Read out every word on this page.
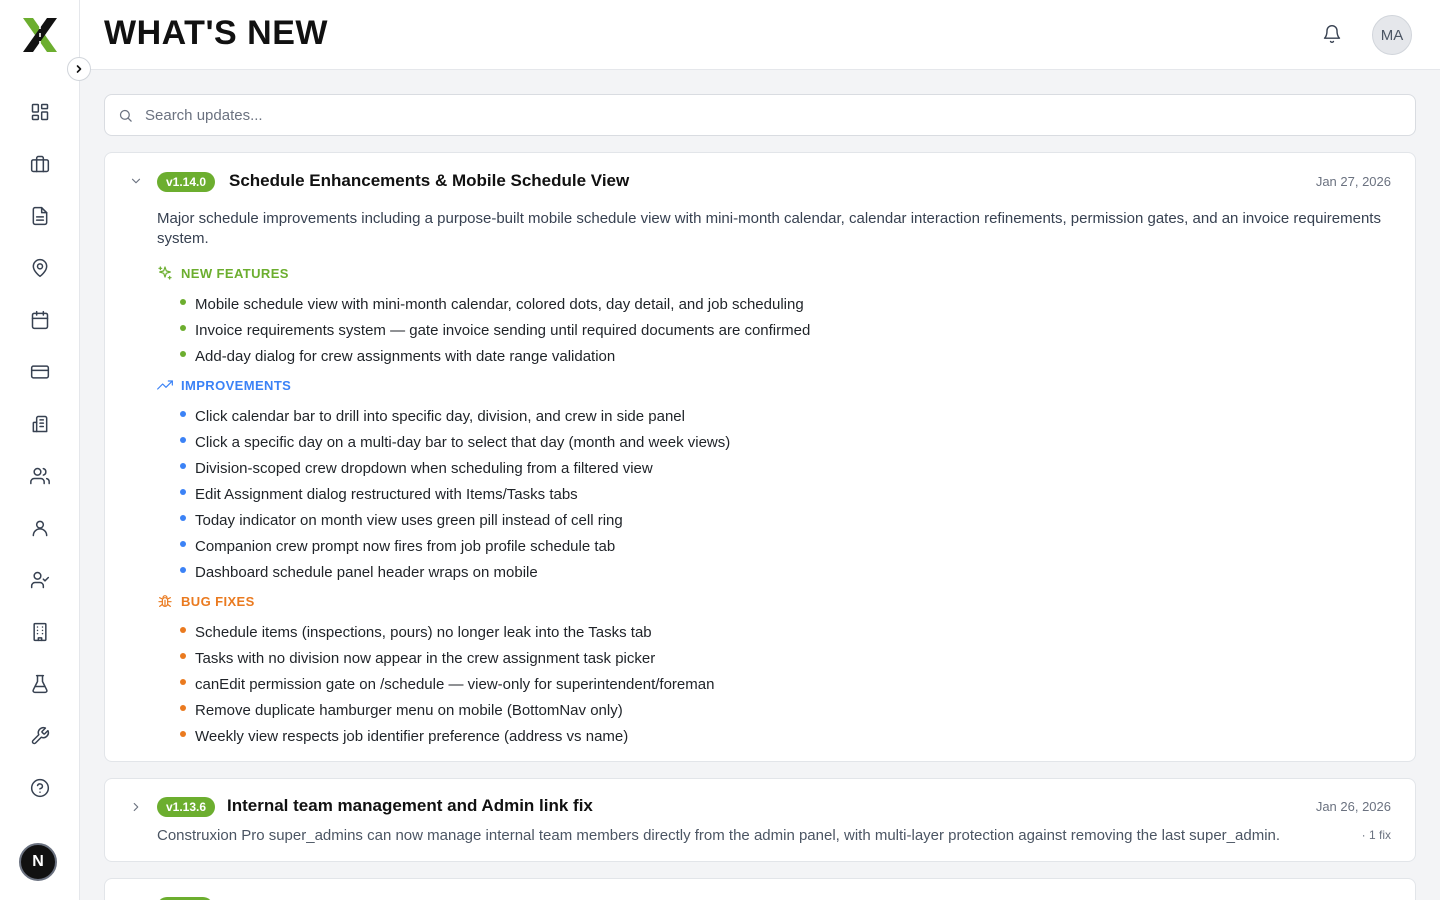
N
WHAT'S NEW	MA
Search updates...
v1.14.0	Schedule Enhancements & Mobile Schedule View	Jan 27, 2026

Major schedule improvements including a purpose-built mobile schedule view with mini-month calendar, calendar interaction refinements, permission gates, and an invoice requirements system.

NEW FEATURES
Mobile schedule view with mini-month calendar, colored dots, day detail, and job scheduling
Invoice requirements system — gate invoice sending until required documents are confirmed
Add-day dialog for crew assignments with date range validation
IMPROVEMENTS
Click calendar bar to drill into specific day, division, and crew in side panel
Click a specific day on a multi-day bar to select that day (month and week views)
Division-scoped crew dropdown when scheduling from a filtered view
Edit Assignment dialog restructured with Items/Tasks tabs
Today indicator on month view uses green pill instead of cell ring
Companion crew prompt now fires from job profile schedule tab
Dashboard schedule panel header wraps on mobile
BUG FIXES
Schedule items (inspections, pours) no longer leak into the Tasks tab
Tasks with no division now appear in the crew assignment task picker
canEdit permission gate on /schedule — view-only for superintendent/foreman
Remove duplicate hamburger menu on mobile (BottomNav only)
Weekly view respects job identifier preference (address vs name)
v1.13.6	Internal team management and Admin link fix	Jan 26, 2026

Construxion Pro super_admins can now manage internal team members directly from the admin panel, with multi-layer protection against removing the last super_admin.	· 1 fix
